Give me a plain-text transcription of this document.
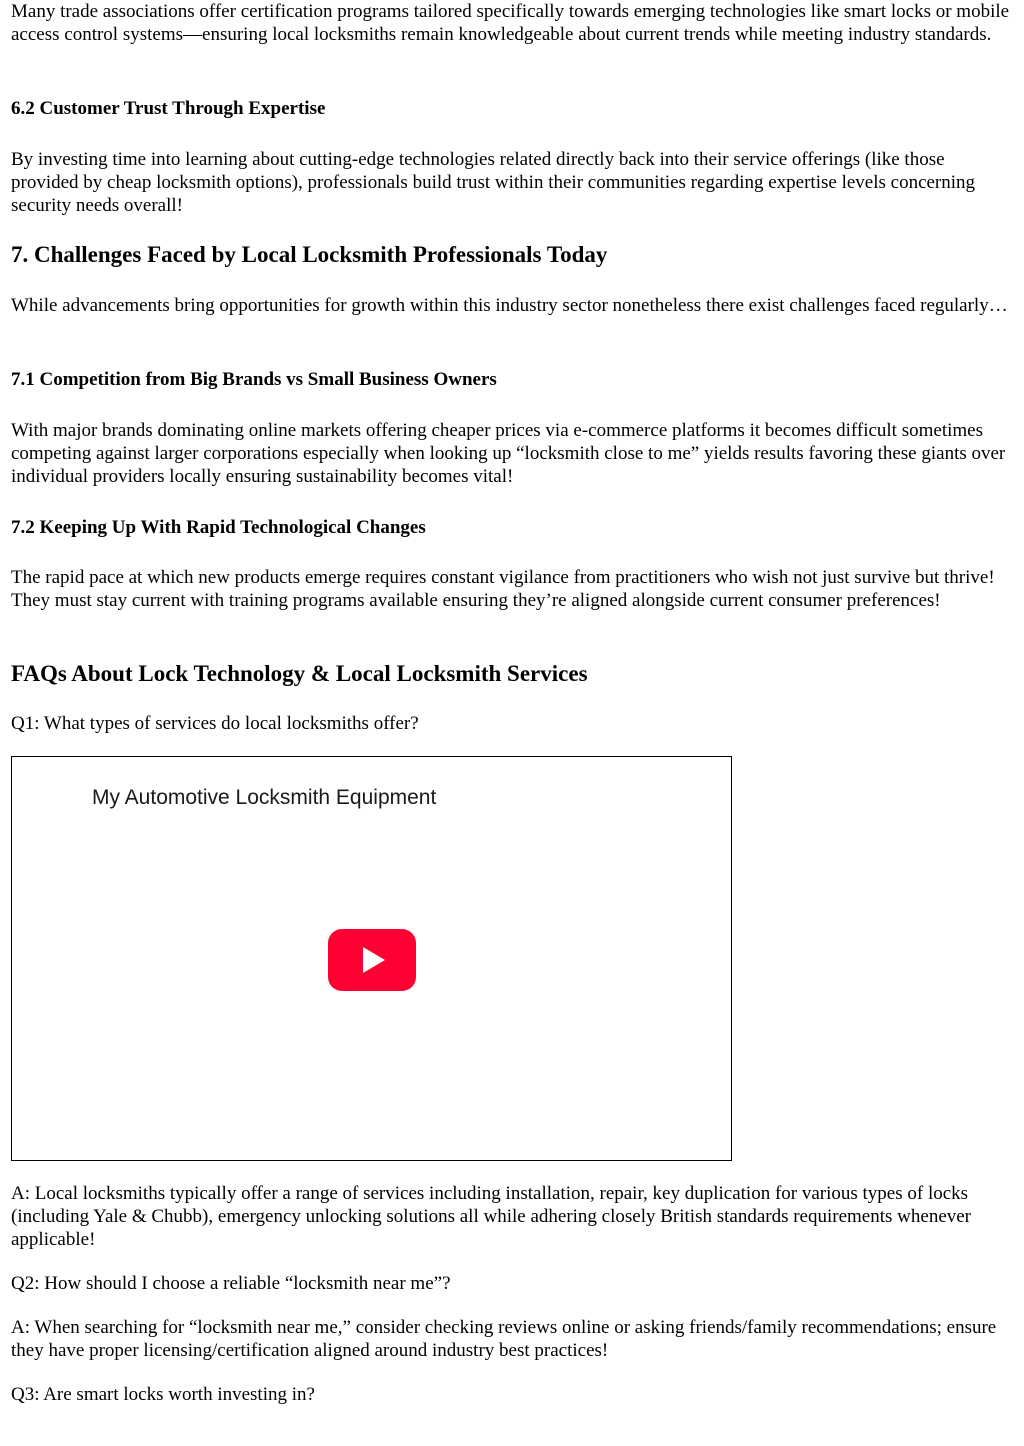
Many trade associations offer certification programs tailored specifically towards emerging technologies like smart locks or mobile access control systems—ensuring local locksmiths remain knowledgeable about current trends while meeting industry standards.

6.2 Customer Trust Through Expertise

By investing time into learning about cutting-edge technologies related directly back into their service offerings (like those provided by cheap locksmith options), professionals build trust within their communities regarding expertise levels concerning security needs overall!

7. Challenges Faced by Local Locksmith Professionals Today

While advancements bring opportunities for growth within this industry sector nonetheless there exist challenges faced regularly…

7.1 Competition from Big Brands vs Small Business Owners

With major brands dominating online markets offering cheaper prices via e-commerce platforms it becomes difficult sometimes competing against larger corporations especially when looking up “locksmith close to me” yields results favoring these giants over individual providers locally ensuring sustainability becomes vital!

7.2 Keeping Up With Rapid Technological Changes

The rapid pace at which new products emerge requires constant vigilance from practitioners who wish not just survive but thrive! They must stay current with training programs available ensuring they’re aligned alongside current consumer preferences!

FAQs About Lock Technology & Local Locksmith Services

Q1: What types of services do local locksmiths offer?

My Automotive Locksmith Equipment

A: Local locksmiths typically offer a range of services including installation, repair, key duplication for various types of locks (including Yale & Chubb), emergency unlocking solutions all while adhering closely British standards requirements whenever applicable!

Q2: How should I choose a reliable “locksmith near me”?

A: When searching for “locksmith near me,” consider checking reviews online or asking friends/family recommendations; ensure they have proper licensing/certification aligned around industry best practices!

Q3: Are smart locks worth investing in?
